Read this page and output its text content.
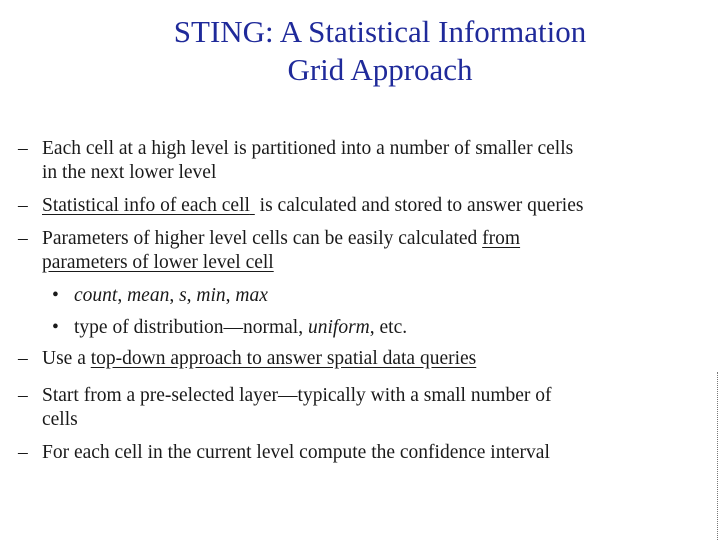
STING: A Statistical Information
Grid Approach
– Each cell at a high level is partitioned into a number of smaller cells
in the next lower level
– Statistical info of each cell is calculated and stored to answer queries
– Parameters of higher level cells can be easily calculated from
parameters of lower level cell
• count, mean, s, min, max
• type of distribution—normal, uniform, etc.
– Use a top-down approach to answer spatial data queries
– Start from a pre-selected layer—typically with a small number of
cells
– For each cell in the current level compute the confidence interval
